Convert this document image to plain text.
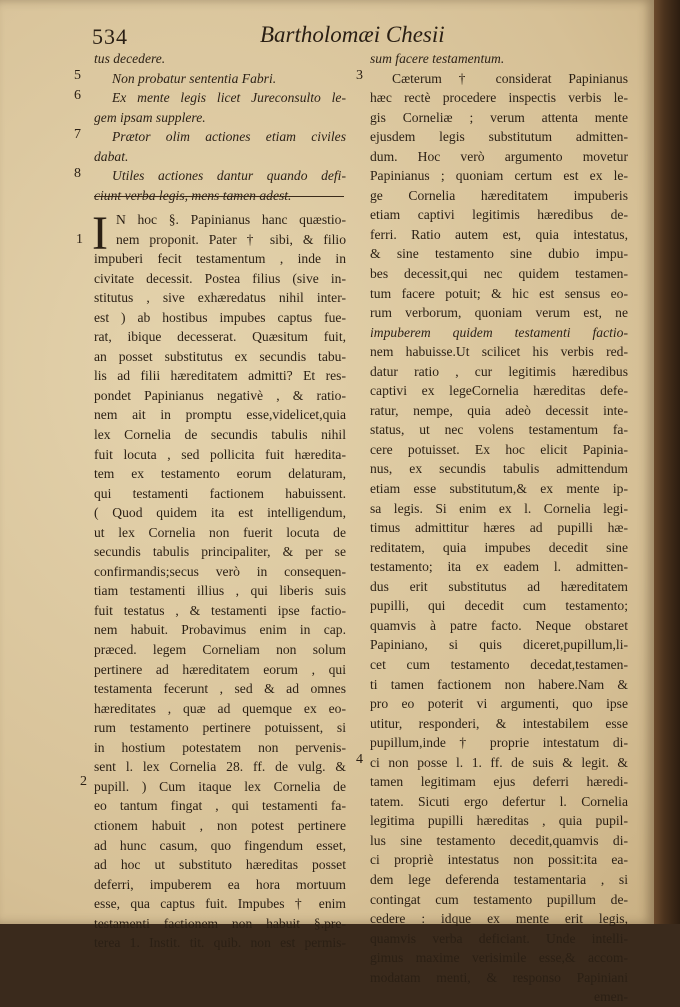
534	Bartholomæi Chesii
tus decedere.
Non probatur sententia Fabri.
Ex mente legis licet Jureconsulto le-
gem ipsam supplere.
Prætor olim actiones etiam civiles
dabat.
Utiles actiones dantur quando defi-
ciunt verba legis, mens tamen adest.
5
6
7
8
I N hoc §. Papinianus hanc quæstio-
nem proponit. Pater † sibi, & filio
impuberi fecit testamentum , inde in
civitate decessit. Postea filius (sive in-
stitutus , sive exhæredatus nihil inter-
est ) ab hostibus impubes captus fue-
rat, ibique decesserat. Quæsitum fuit,
an posset substitutus ex secundis tabu-
lis ad filii hæreditatem admitti? Et res-
pondet Papinianus negativè , & ratio-
nem ait in promptu esse,videlicet,quia
lex Cornelia de secundis tabulis nihil
fuit locuta , sed pollicita fuit hæredita-
tem ex testamento eorum delaturam,
qui testamenti factionem habuissent.
( Quod quidem ita est intelligendum,
ut lex Cornelia non fuerit locuta de
secundis tabulis principaliter, & per se
confirmandis;secus verò in consequen-
tiam testamenti illius , qui liberis suis
fuit testatus , & testamenti ipse factio-
nem habuit. Probavimus enim in cap.
præced. legem Corneliam non solum
pertinere ad hæreditatem eorum , qui
testamenta fecerunt , sed & ad omnes
hæreditates , quæ ad quemque ex eo-
rum testamento pertinere potuissent, si
in hostium potestatem non pervenis-
sent l. lex Cornelia 28. ff. de vulg. &
pupill. ) Cum itaque lex Cornelia de
eo tantum fingat , qui testamenti fa-
ctionem habuit , non potest pertinere
ad hunc casum, quo fingendum esset,
ad hoc ut substituto hæreditas posset
deferri, impuberem ea hora mortuum
esse, qua captus fuit. Impubes † enim
testamenti factionem non habuit §.pre-
terea 1. Instit. tit. quib. non est permis-
1
sum facere testamentum.
Cæterum † considerat Papinianus
hæc rectè procedere inspectis verbis le-
gis Corneliæ ; verum attenta mente
ejusdem legis substitutum admitten-
dum. Hoc verò argumento movetur
Papinianus ; quoniam certum est ex le-
ge Cornelia hæreditatem impuberis
etiam captivi legitimis hæredibus de-
ferri. Ratio autem est, quia intestatus,
& sine testamento sine dubio impu-
bes decessit,qui nec quidem testamen-
tum facere potuit; & hic est sensus eo-
rum verborum, quoniam verum est, ne
impuberem quidem testamenti factio-
nem habuisse.Ut scilicet his verbis red-
datur ratio , cur legitimis hæredibus
captivi ex legeCornelia hæreditas defe-
ratur, nempe, quia adeò decessit inte-
status, ut nec volens testamentum fa-
cere potuisset. Ex hoc elicit Papinia-
nus, ex secundis tabulis admittendum
etiam esse substitutum,& ex mente ip-
sa legis. Si enim ex l. Cornelia legi-
timus admittitur hæres ad pupilli hæ-
reditatem, quia impubes decedit sine
testamento; ita ex eadem l. admitten-
dus erit substitutus ad hæreditatem
pupilli, qui decedit cum testamento;
quamvis à patre facto. Neque obstaret
Papiniano, si quis diceret,pupillum,li-
cet cum testamento decedat,testamen-
ti tamen factionem non habere.Nam &
pro eo poterit vi argumenti, quo ipse
utitur, responderi, & intestabilem esse
pupillum,inde † proprie intestatum di-
ci non posse l. 1. ff. de suis & legit. &
tamen legitimam ejus deferri hæredi-
tatem. Sicuti ergo defertur l. Cornelia
legitima pupilli hæreditas , quia pupil-
lus sine testamento decedit,quamvis di-
ci propriè intestatus non possit:ita ea-
dem lege deferenda testamentaria , si
contingat cum testamento pupillum de-
cedere : idque ex mente erit legis,
quamvis verba deficiant. Unde intelli-
gimus maxime verisimile esse,& accom-
modatam menti, & responso Papiniani
emen-
3
4
2
